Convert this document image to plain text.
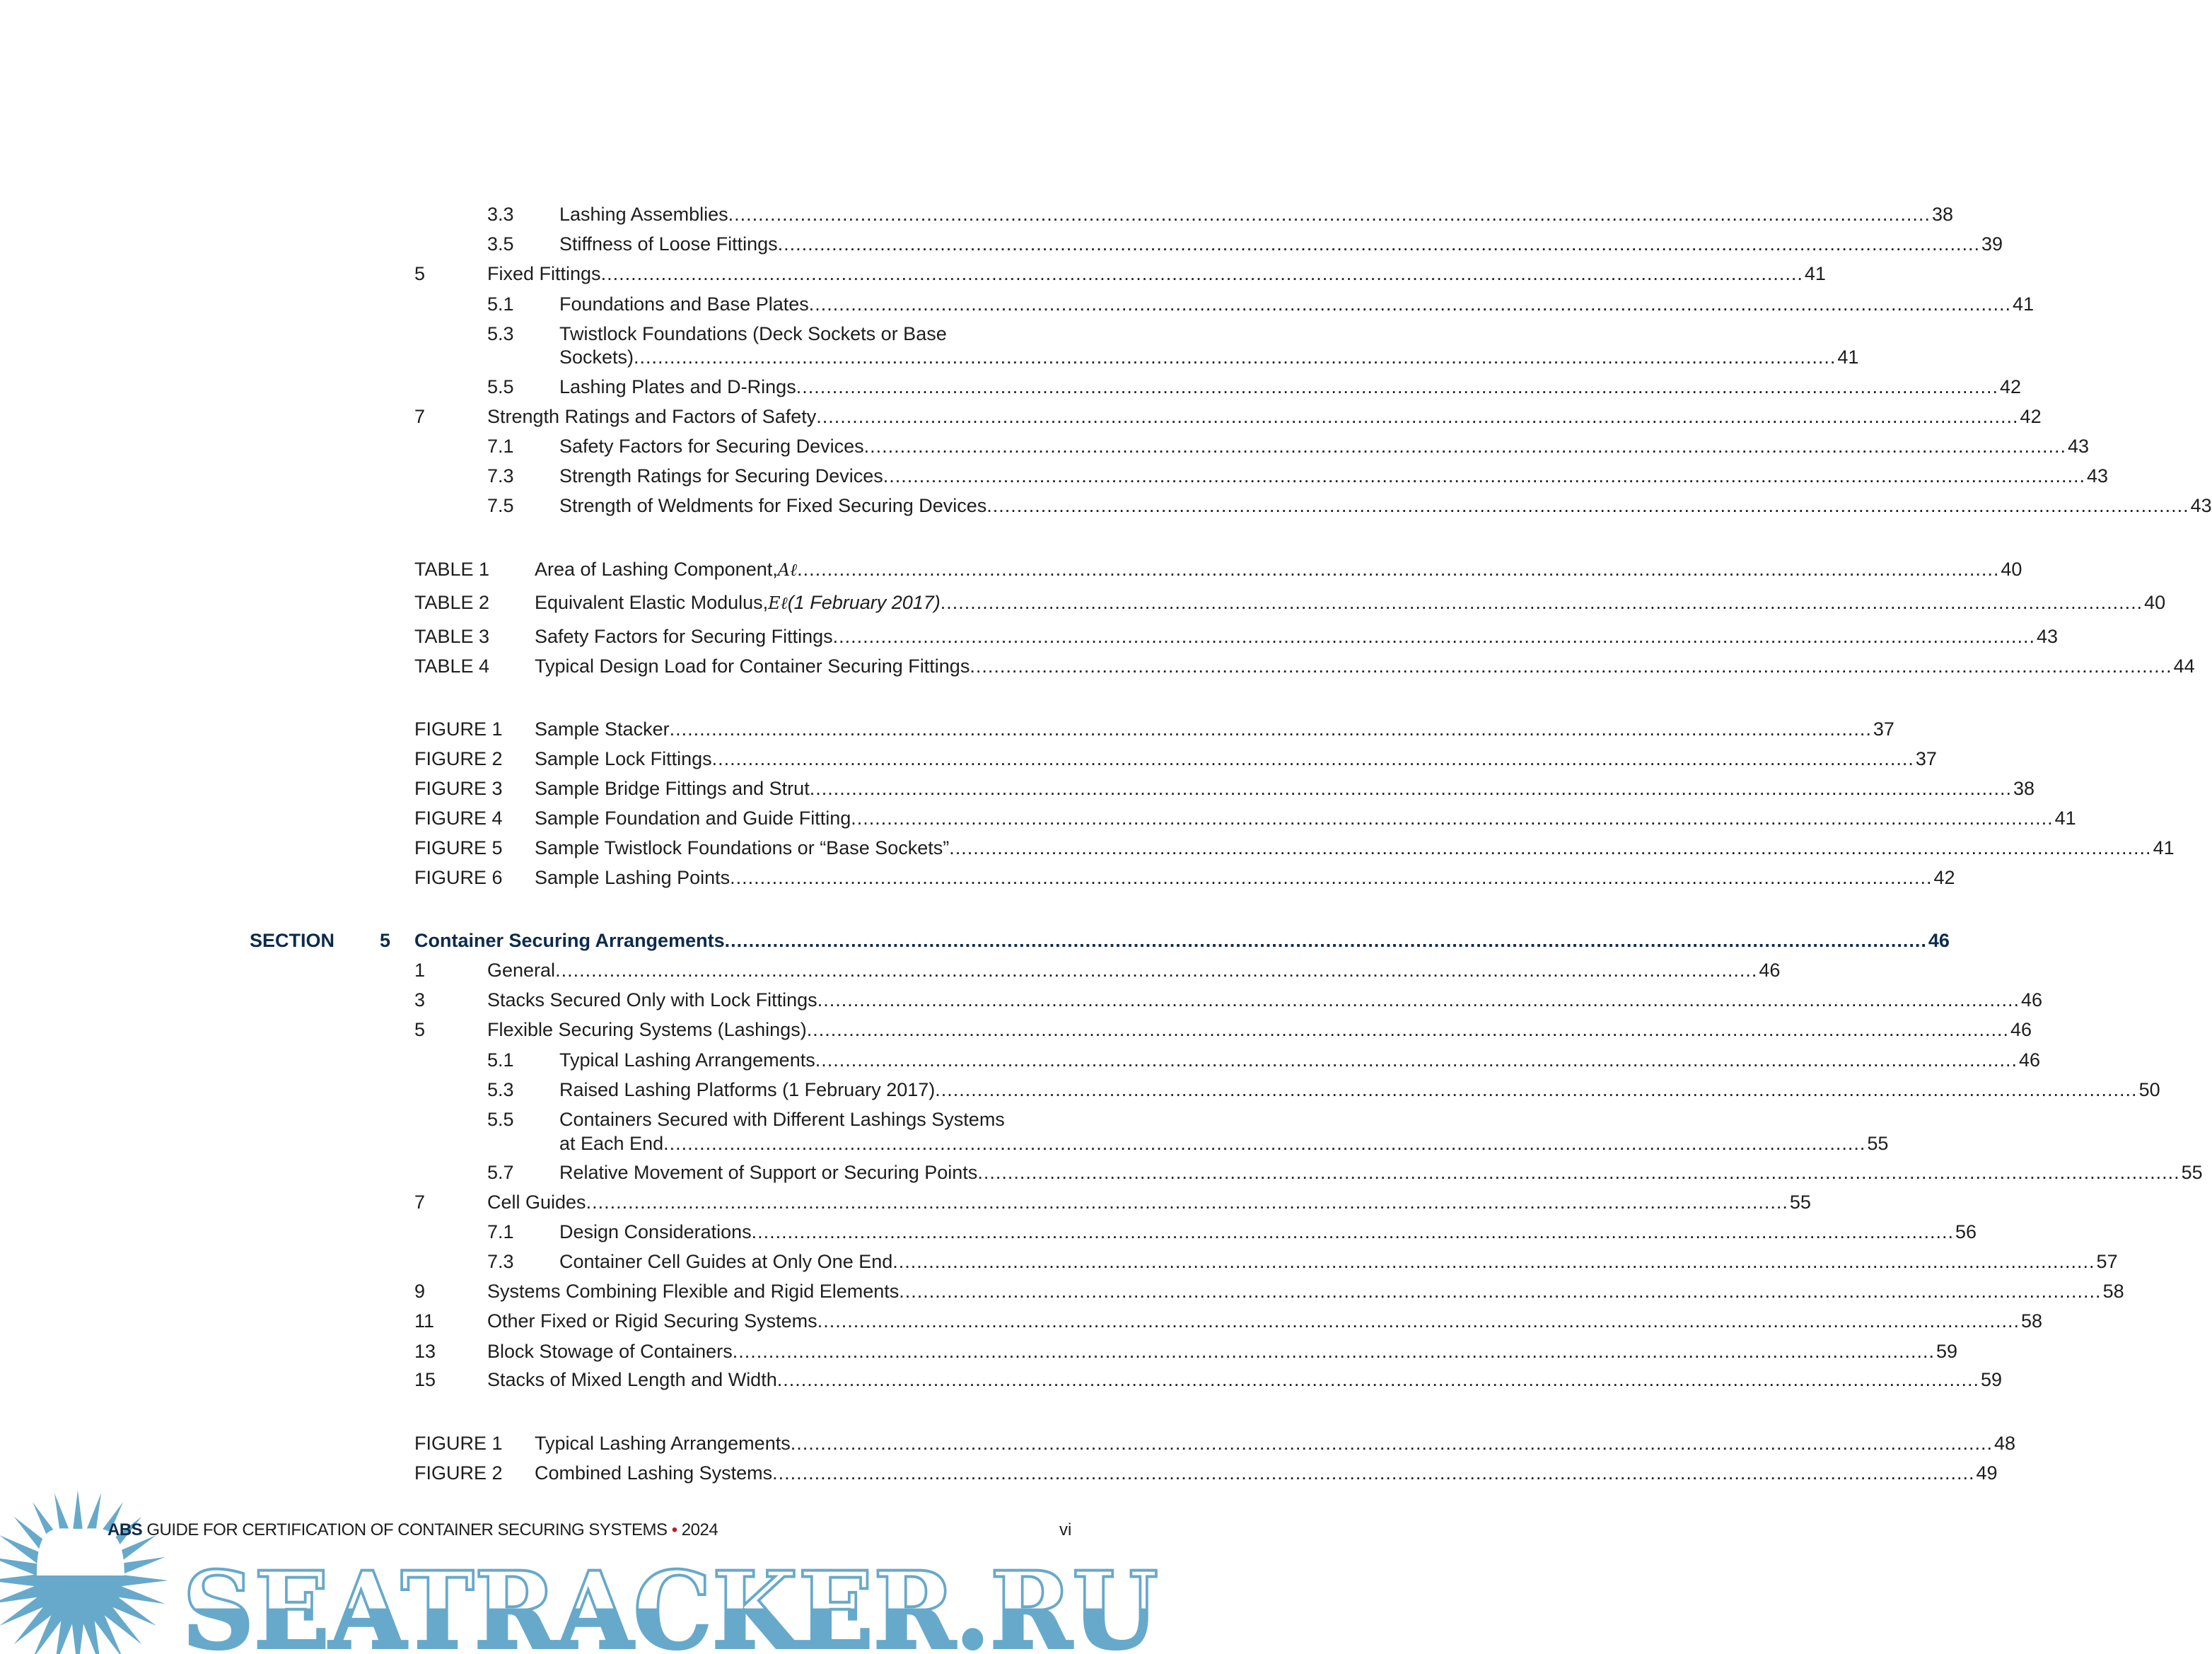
3.3 Lashing Assemblies ........................................................................................................................................................................................................ 38
3.5 Stiffness of Loose Fittings ........................................................................................................................................................................................................ 39
5	Fixed Fittings ........................................................................................................................................................................................................ 41
5.1 Foundations and Base Plates ........................................................................................................................................................................................................ 41
5.3 Twistlock Foundations (Deck Sockets or Base
Sockets) ........................................................................................................................................................................................................ 41
5.5 Lashing Plates and D-Rings ........................................................................................................................................................................................................ 42
7	Strength Ratings and Factors of Safety ........................................................................................................................................................................................................ 42
7.1 Safety Factors for Securing Devices ........................................................................................................................................................................................................ 43
7.3 Strength Ratings for Securing Devices ........................................................................................................................................................................................................ 43
7.5 Strength of Weldments for Fixed Securing Devices ........................................................................................................................................................................................................ 43
TABLE 1 Area of Lashing Component, Aℓ ........................................................................................................................................................................................................ 40
TABLE 2 Equivalent Elastic Modulus, Eℓ (1 February 2017) ........................................................................................................................................................................................................ 40
TABLE 3 Safety Factors for Securing Fittings ........................................................................................................................................................................................................ 43
TABLE 4 Typical Design Load for Container Securing Fittings ........................................................................................................................................................................................................ 44
FIGURE 1 Sample Stacker ........................................................................................................................................................................................................ 37
FIGURE 2 Sample Lock Fittings ........................................................................................................................................................................................................ 37
FIGURE 3 Sample Bridge Fittings and Strut ........................................................................................................................................................................................................ 38
FIGURE 4 Sample Foundation and Guide Fitting ........................................................................................................................................................................................................ 41
FIGURE 5 Sample Twistlock Foundations or “Base Sockets” ........................................................................................................................................................................................................ 41
FIGURE 6 Sample Lashing Points ........................................................................................................................................................................................................ 42
SECTION 5 Container Securing Arrangements ........................................................................................................................................................................................................ 46
1	General ........................................................................................................................................................................................................ 46
3	Stacks Secured Only with Lock Fittings ........................................................................................................................................................................................................ 46
5	Flexible Securing Systems (Lashings) ........................................................................................................................................................................................................ 46
5.1 Typical Lashing Arrangements ........................................................................................................................................................................................................ 46
5.3 Raised Lashing Platforms (1 February 2017) ........................................................................................................................................................................................................ 50
5.5 Containers Secured with Different Lashings Systems
at Each End ........................................................................................................................................................................................................ 55
5.7 Relative Movement of Support or Securing Points ........................................................................................................................................................................................................ 55
7	Cell Guides ........................................................................................................................................................................................................ 55
7.1 Design Considerations ........................................................................................................................................................................................................ 56
7.3 Container Cell Guides at Only One End ........................................................................................................................................................................................................ 57
9	Systems Combining Flexible and Rigid Elements ........................................................................................................................................................................................................ 58
11	Other Fixed or Rigid Securing Systems ........................................................................................................................................................................................................ 58
13	Block Stowage of Containers ........................................................................................................................................................................................................ 59
15	Stacks of Mixed Length and Width ........................................................................................................................................................................................................ 59
FIGURE 1 Typical Lashing Arrangements ........................................................................................................................................................................................................ 48
FIGURE 2 Combined Lashing Systems ........................................................................................................................................................................................................ 49
SEATRACKER.RU
ABS GUIDE FOR CERTIFICATION OF CONTAINER SECURING SYSTEMS • 2024	vi
